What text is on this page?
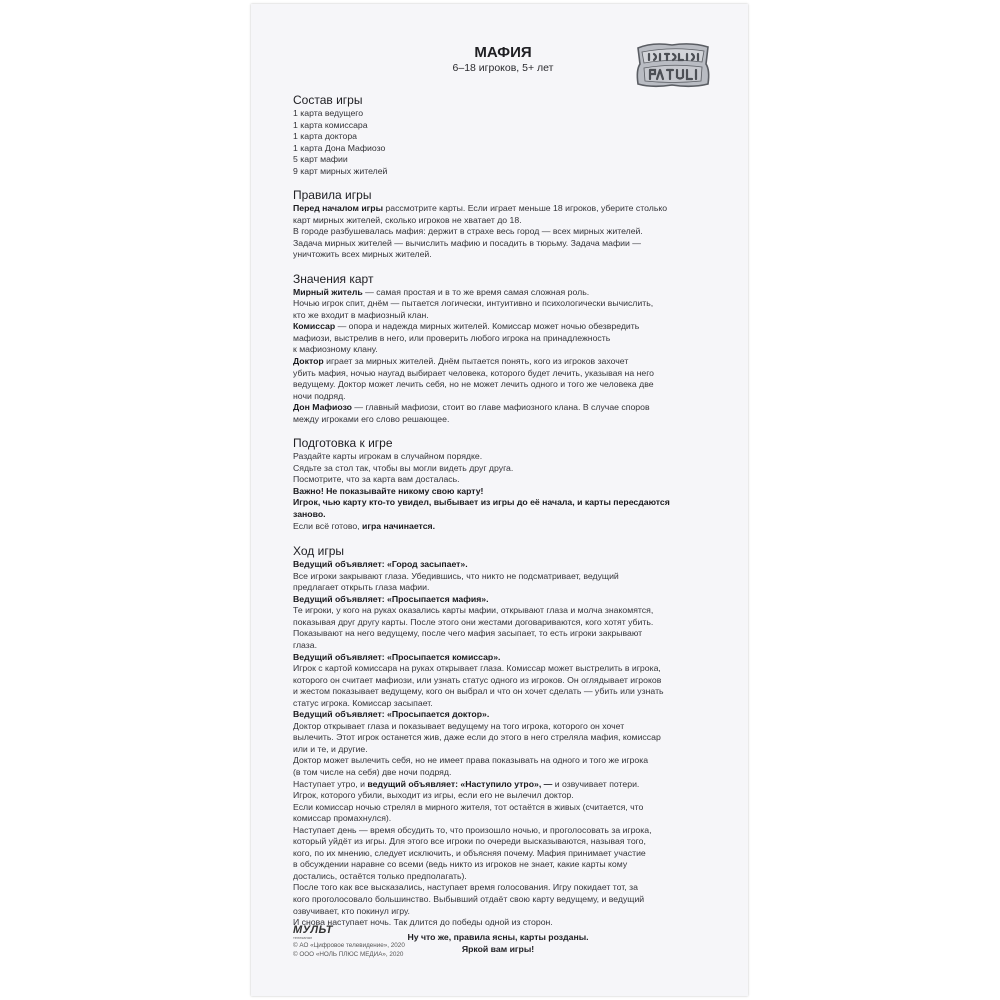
МАФИЯ
6–18 игроков, 5+ лет
Состав игры

1 карта ведущего

1 карта комиссара

1 карта доктора

1 карта Дона Мафиозо

5 карт мафии

9 карт мирных жителей

Правила игры

Перед началом игры рассмотрите карты. Если играет меньше 18 игроков, уберите столько

карт мирных жителей, сколько игроков не хватает до 18.

В городе разбушевалась мафия: держит в страхе весь город — всех мирных жителей.

Задача мирных жителей — вычислить мафию и посадить в тюрьму. Задача мафии —

уничтожить всех мирных жителей.

Значения карт

Мирный житель — самая простая и в то же время самая сложная роль.

Ночью игрок спит, днём — пытается логически, интуитивно и психологически вычислить,

кто же входит в мафиозный клан.

Комиссар — опора и надежда мирных жителей. Комиссар может ночью обезвредить

мафиози, выстрелив в него, или проверить любого игрока на принадлежность

к мафиозному клану.

Доктор играет за мирных жителей. Днём пытается понять, кого из игроков захочет

убить мафия, ночью наугад выбирает человека, которого будет лечить, указывая на него

ведущему. Доктор может лечить себя, но не может лечить одного и того же человека две

ночи подряд.

Дон Мафиозо — главный мафиози, стоит во главе мафиозного клана. В случае споров

между игроками его слово решающее.

Подготовка к игре

Раздайте карты игрокам в случайном порядке.

Сядьте за стол так, чтобы вы могли видеть друг друга.

Посмотрите, что за карта вам досталась.

Важно! Не показывайте никому свою карту!

Игрок, чью карту кто-то увидел, выбывает из игры до её начала, и карты пересдаются

заново.

Если всё готово, игра начинается.

Ход игры

Ведущий объявляет: «Город засыпает».

Все игроки закрывают глаза. Убедившись, что никто не подсматривает, ведущий

предлагает открыть глаза мафии.

Ведущий объявляет: «Просыпается мафия».

Те игроки, у кого на руках оказались карты мафии, открывают глаза и молча знакомятся,

показывая друг другу карты. После этого они жестами договариваются, кого хотят убить.

Показывают на него ведущему, после чего мафия засыпает, то есть игроки закрывают

глаза.

Ведущий объявляет: «Просыпается комиссар».

Игрок с картой комиссара на руках открывает глаза. Комиссар может выстрелить в игрока,

которого он считает мафиози, или узнать статус одного из игроков. Он оглядывает игроков

и жестом показывает ведущему, кого он выбрал и что он хочет сделать — убить или узнать

статус игрока. Комиссар засыпает.

Ведущий объявляет: «Просыпается доктор».

Доктор открывает глаза и показывает ведущему на того игрока, которого он хочет

вылечить. Этот игрок останется жив, даже если до этого в него стреляла мафия, комиссар

или и те, и другие.

Доктор может вылечить себя, но не имеет права показывать на одного и того же игрока

(в том числе на себя) две ночи подряд.

Наступает утро, и ведущий объявляет: «Наступило утро», — и озвучивает потери.

Игрок, которого убили, выходит из игры, если его не вылечил доктор.

Если комиссар ночью стрелял в мирного жителя, тот остаётся в живых (считается, что

комиссар промахнулся).

Наступает день — время обсудить то, что произошло ночью, и проголосовать за игрока,

который уйдёт из игры. Для этого все игроки по очереди высказываются, называя того,

кого, по их мнению, следует исключить, и объясняя почему. Мафия принимает участие

в обсуждении наравне со всеми (ведь никто из игроков не знает, какие карты кому

достались, остаётся только предполагать).

После того как все высказались, наступает время голосования. Игру покидает тот, за

кого проголосовало большинство. Выбывший отдаёт свою карту ведущему, и ведущий

озвучивает, кто покинул игру.

И снова наступает ночь. Так длится до победы одной из сторон.

МУЛЬТ
телеканал
© АО «Цифровое телевидение», 2020
© ООО «НОЛЬ ПЛЮС МЕДИА», 2020
Ну что же, правила ясны, карты розданы.
Яркой вам игры!
